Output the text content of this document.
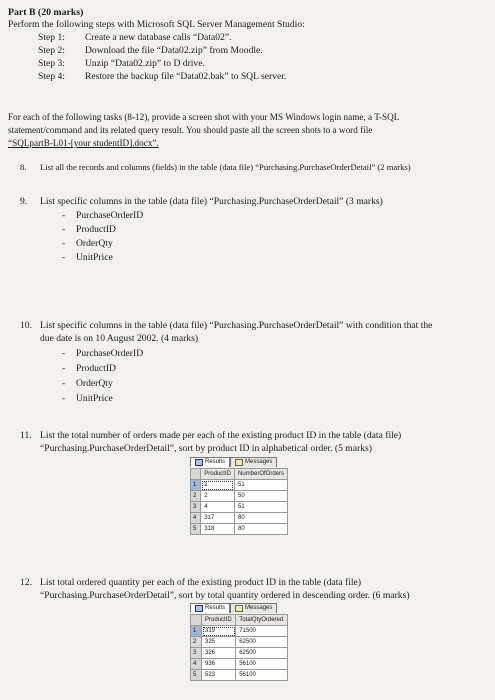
Part B (20 marks)
Perform the following steps with Microsoft SQL Server Management Studio:
Step 1: Create a new database calls “Data02”.
Step 2: Download the file “Data02.zip” from Moodle.
Step 3: Unzip “Data02.zip” to D drive.
Step 4: Restore the backup file “Data02.bak” to SQL server.
For each of the following tasks (8-12), provide a screen shot with your MS Windows login name, a T-SQL
statement/command and its related query result. You should paste all the screen shots to a word file
“SQLpartB-L01-[your studentID].docx”.
8. List all the records and columns (fields) in the table (data file) “Purchasing.PurchaseOrderDetail” (2 marks)
9. List specific columns in the table (data file) “Purchasing.PurchaseOrderDetail” (3 marks)
- PurchaseOrderID
- ProductID
- OrderQty
- UnitPrice
10. List specific columns in the table (data file) “Purchasing.PurchaseOrderDetail” with condition that the
due date is on 10 August 2002. (4 marks)
- PurchaseOrderID
- ProductID
- OrderQty
- UnitPrice
11. List the total number of orders made per each of the existing product ID in the table (data file)
“Purchasing.PurchaseOrderDetail”, sort by product ID in alphabetical order. (5 marks)
Results	Messages
	ProductID	NumberOfOrders
1	1	51
2	2	50
3	4	51
4	317	80
5	318	80
12. List total ordered quantity per each of the existing product ID in the table (data file)
“Purchasing.PurchaseOrderDetail”, sort by total quantity ordered in descending order. (6 marks)
Results	Messages
	ProductID	TotalQtyOrdered
1	319	71500
2	325	62500
3	326	62500
4	936	56100
5	523	56100
